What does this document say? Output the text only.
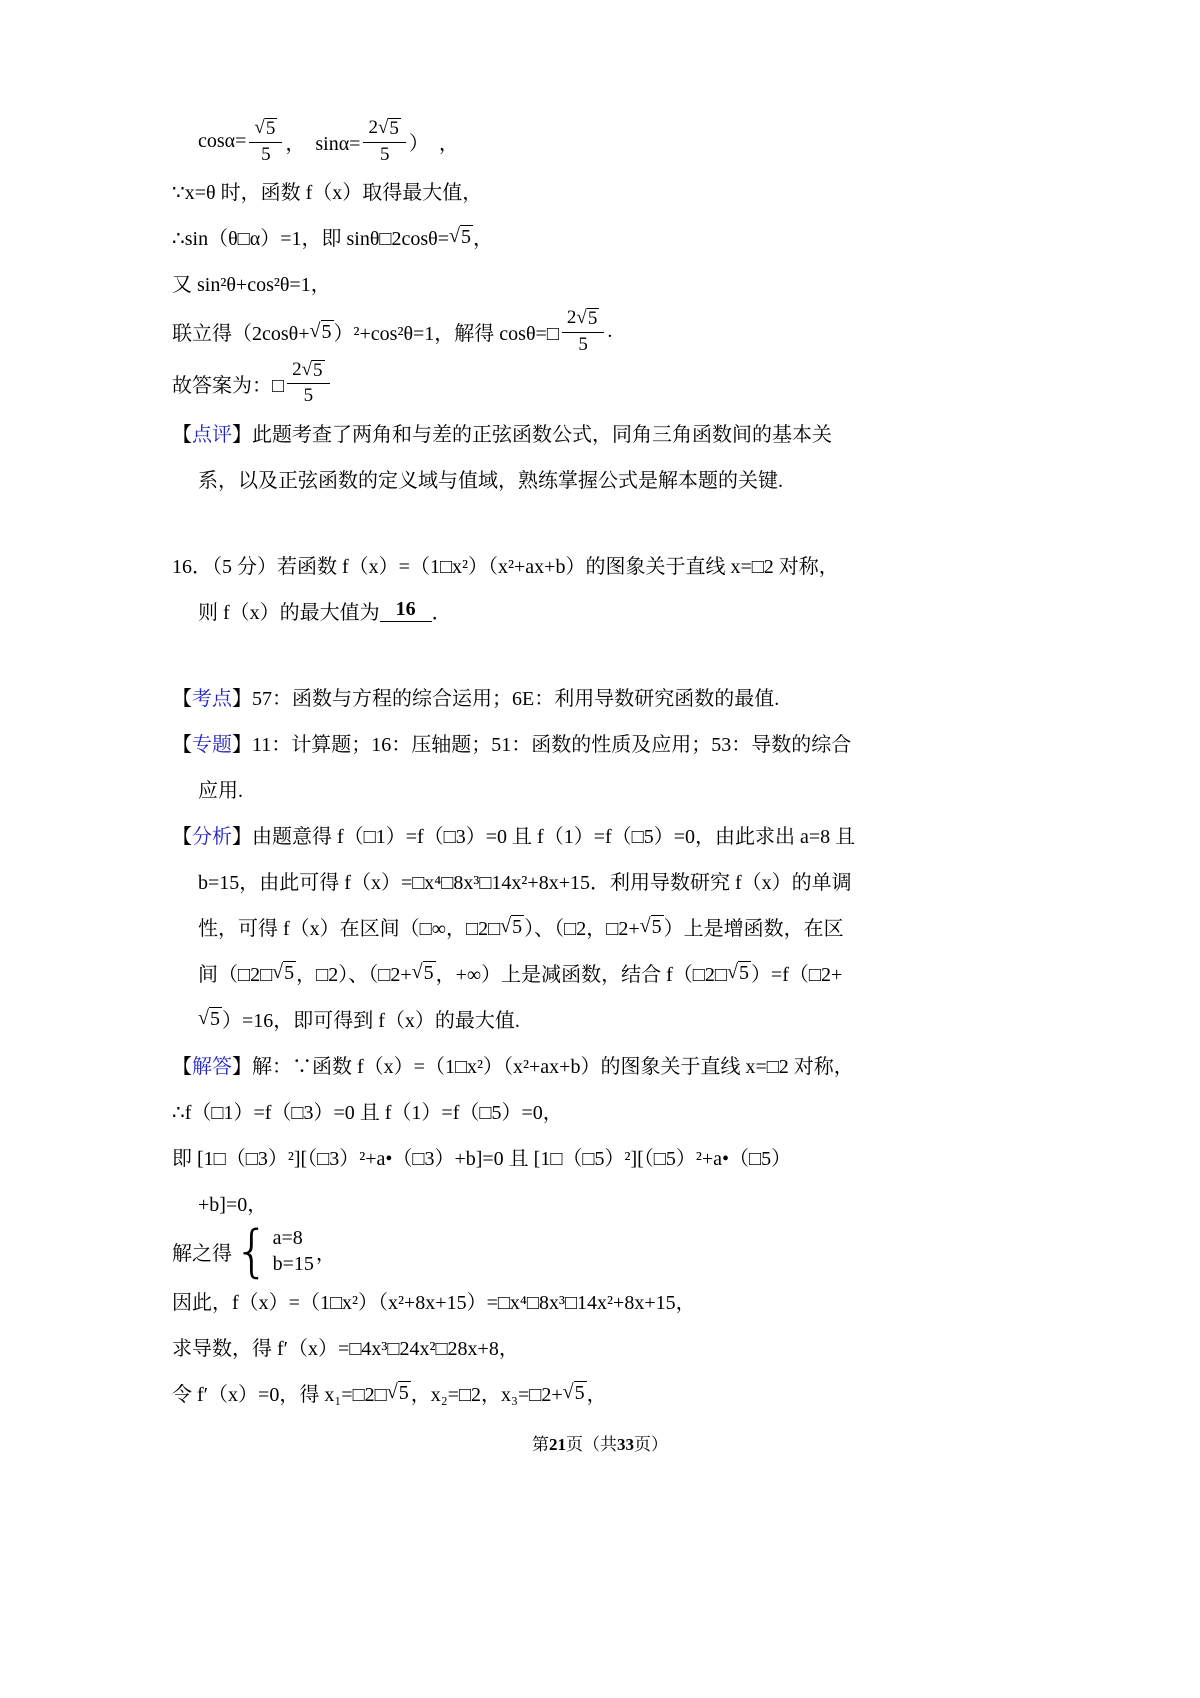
$\cos\alpha= \frac{√ 5}{5}$ ，  $\sin\alpha= \frac{2 √ 5}{5}$ ）  ，
∵x=θ 时，函数 f（x）取得最大值，
∴sin（θ□α）=1，即 sinθ□2cosθ= √ 5 ，
又 sin²θ+cos²θ=1，
联立得（2cosθ+ √ 5 ）²+cos²θ=1，解得 cosθ=□ $\frac{2 √ 5}{5}$ .
故答案为：□ $\frac{2 √ 5}{5}$
【 点评 】此题考查了两角和与差的正弦函数公式，同角三角函数间的基本关
系，以及正弦函数的定义域与值域，熟练掌握公式是解本题的关键.
16．（5 分）若函数 f（x）=（1□x²）（x²+ax+b）的图象关于直线 x=□2 对称，
则 f（x）的最大值为 16 ．
【 考点 】57：函数与方程的综合运用；6E：利用导数研究函数的最值.
【 专题 】11：计算题；16：压轴题；51：函数的性质及应用；53：导数的综合
应用.
【 分析 】由题意得 f（□1）=f（□3）=0 且 f（1）=f（□5）=0，由此求出 a=8 且
b=15，由此可得 f（x）=□x⁴□8x³□14x²+8x+15．利用导数研究 f（x）的单调
性，可得 f（x）在区间（□∞，□2□ √ 5 ）、（□2，□2+ √ 5 ）上是增函数，在区
间（□2□ √ 5 ，□2）、（□2+ √ 5 ，+∞）上是减函数，结合 f（□2□ √ 5 ）=f（□2+
√ 5 ）=16，即可得到 f（x）的最大值.
【 解答 】解：∵函数 f（x）=（1□x²）（x²+ax+b）的图象关于直线 x=□2 对称，
∴f（□1）=f（□3）=0 且 f（1）=f（□5）=0，
即 [1□（□3）²][（□3）²+a•（□3）+b]=0 且 [1□（□5）²][（□5）²+a•（□5）
+b]=0，
解之得 { a=8
b=15 ，
因此，f（x）=（1□x²）（x²+8x+15）=□x⁴□8x³□14x²+8x+15，
求导数，得 f′（x）=□4x³□24x²□28x+8，
令 f′（x）=0，得 x₁=□2□ √ 5 ，x₂=□2，x₃=□2+ √ 5 ，
第21页（共33页）
